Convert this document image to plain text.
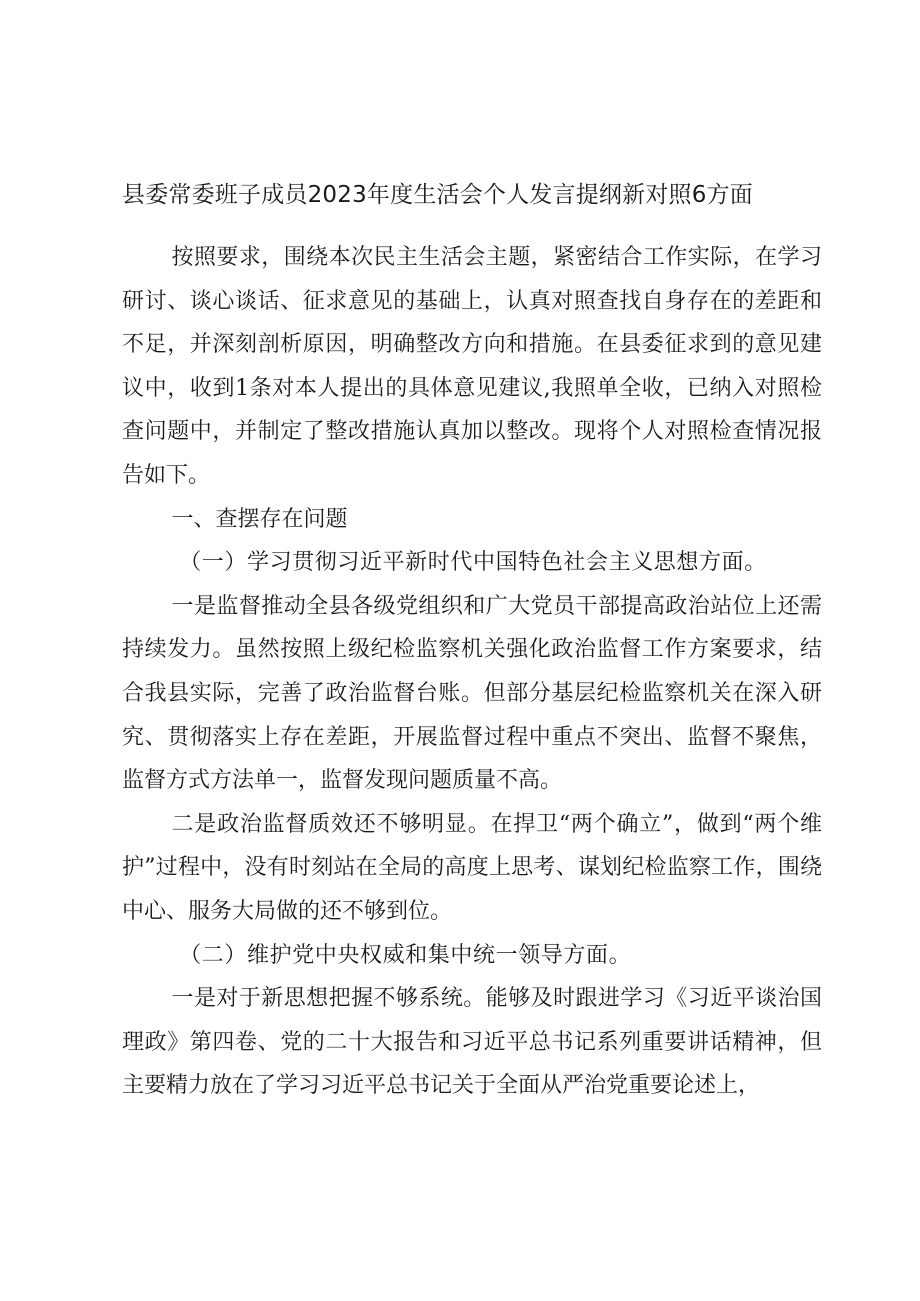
县委常委班子成员2023年度生活会个人发言提纲新对照6方面

按照要求，围绕本次民主生活会主题，紧密结合工作实际，在学习研讨、谈心谈话、征求意见的基础上，认真对照查找自身存在的差距和不足，并深刻剖析原因，明确整改方向和措施。在县委征求到的意见建议中，收到1条对本人提出的具体意见建议,我照单全收，已纳入对照检查问题中，并制定了整改措施认真加以整改。现将个人对照检查情况报告如下。

一、查摆存在问题

（一）学习贯彻习近平新时代中国特色社会主义思想方面。

一是监督推动全县各级党组织和广大党员干部提高政治站位上还需持续发力。虽然按照上级纪检监察机关强化政治监督工作方案要求，结合我县实际，完善了政治监督台账。但部分基层纪检监察机关在深入研究、贯彻落实上存在差距，开展监督过程中重点不突出、监督不聚焦，监督方式方法单一，监督发现问题质量不高。

二是政治监督质效还不够明显。在捍卫“两个确立”，做到“两个维护”过程中，没有时刻站在全局的高度上思考、谋划纪检监察工作，围绕中心、服务大局做的还不够到位。

（二）维护党中央权威和集中统一领导方面。

一是对于新思想把握不够系统。能够及时跟进学习《习近平谈治国理政》第四卷、党的二十大报告和习近平总书记系列重要讲话精神，但主要精力放在了学习习近平总书记关于全面从严治党重要论述上，
